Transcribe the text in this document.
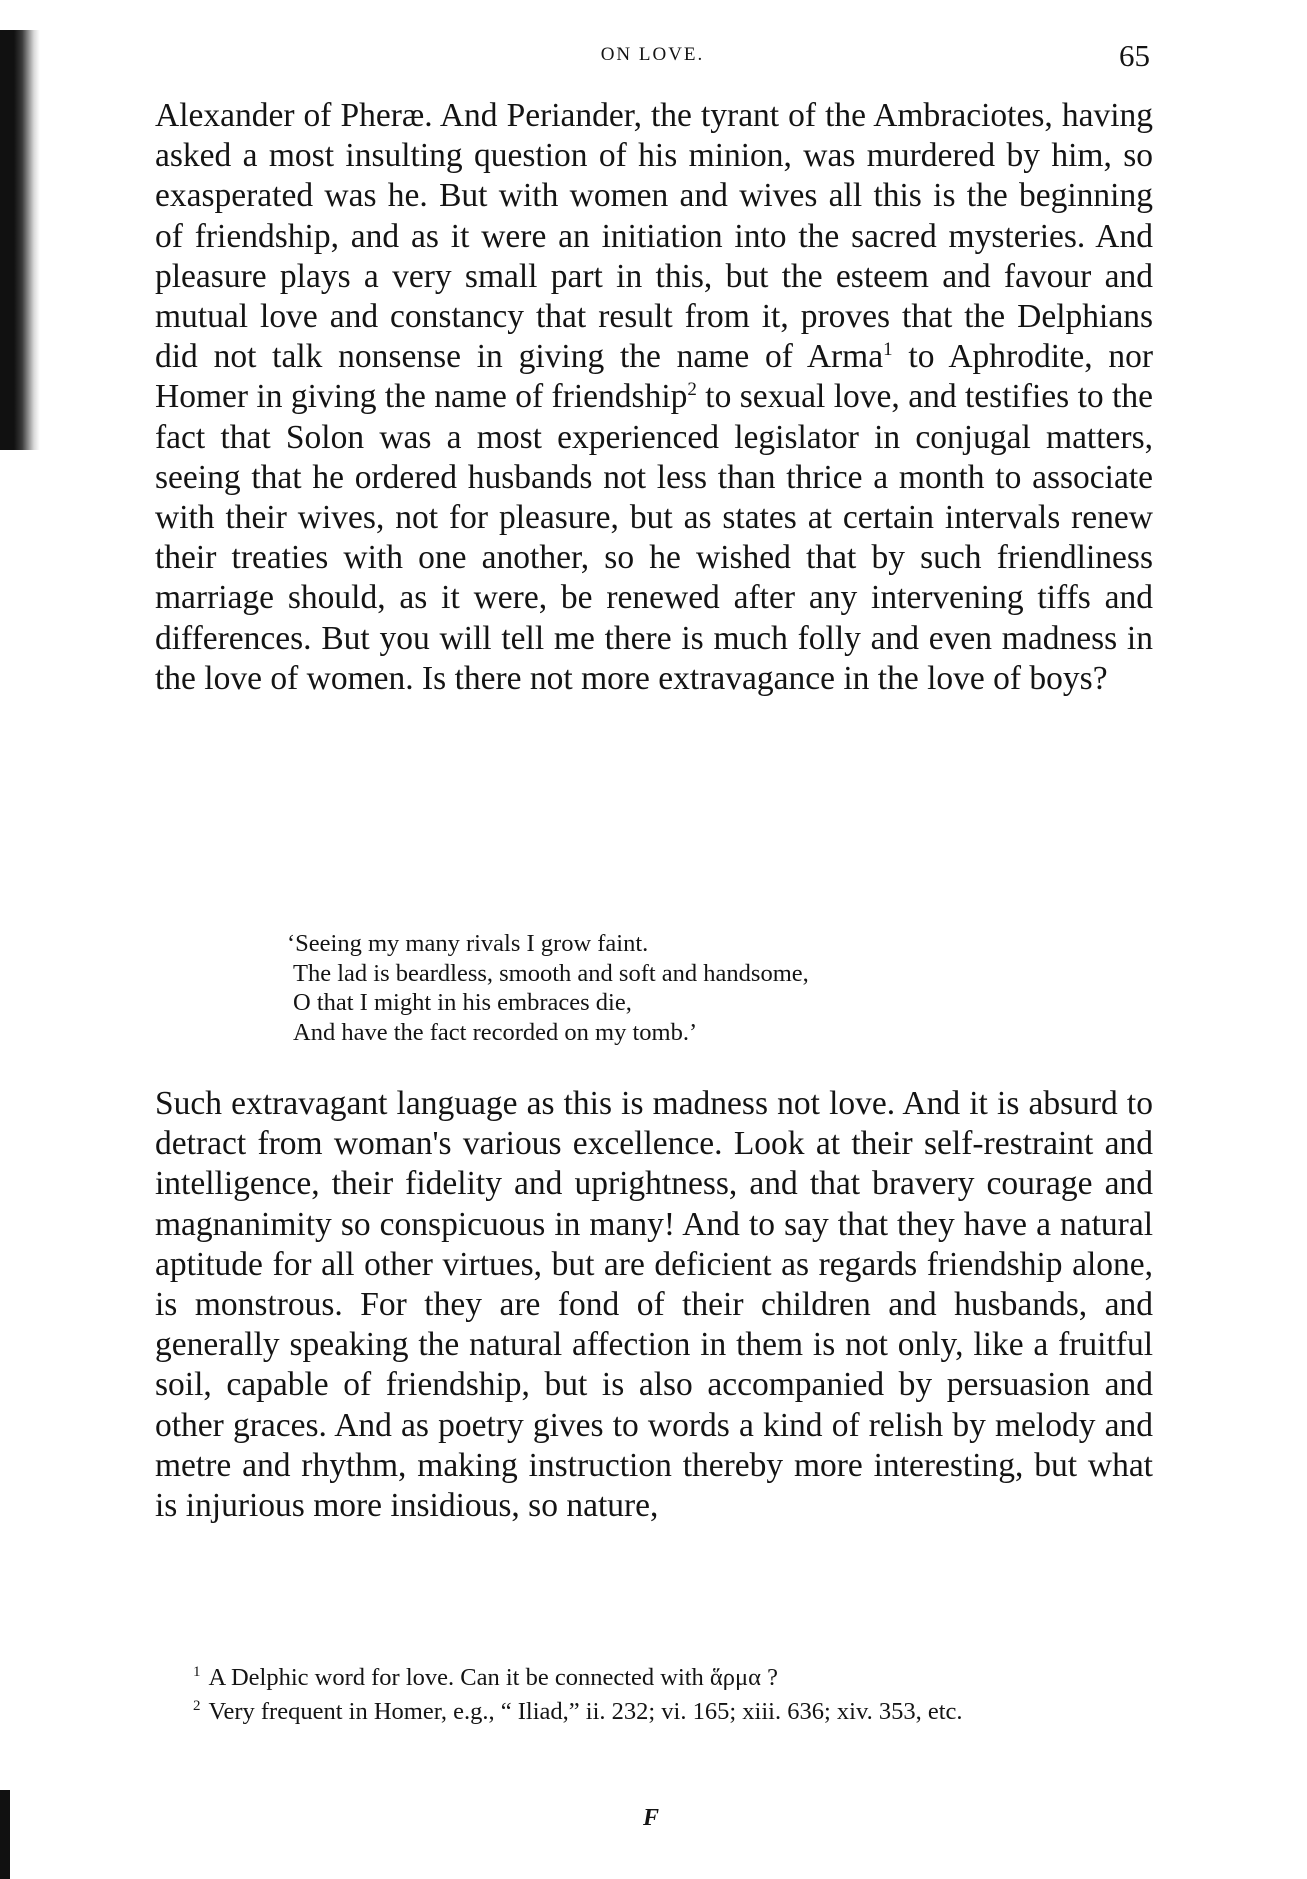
ON LOVE.	65

Alexander of Pheræ. And Periander, the tyrant of the Ambraciotes, having asked a most insulting question of his minion, was murdered by him, so exasperated was he. But with women and wives all this is the beginning of friendship, and as it were an initiation into the sacred mysteries. And pleasure plays a very small part in this, but the esteem and favour and mutual love and constancy that result from it, proves that the Delphians did not talk nonsense in giving the name of Arma$^1$ to Aphrodite, nor Homer in giving the name of friendship$^2$ to sexual love, and testifies to the fact that Solon was a most experienced legislator in conjugal matters, seeing that he ordered husbands not less than thrice a month to associate with their wives, not for pleasure, but as states at certain intervals renew their treaties with one another, so he wished that by such friendliness marriage should, as it were, be renewed after any intervening tiffs and differences. But you will tell me there is much folly and even madness in the love of women. Is there not more extravagance in the love of boys?

‘Seeing my many rivals I grow faint.
The lad is beardless, smooth and soft and handsome,
O that I might in his embraces die,
And have the fact recorded on my tomb.’

Such extravagant language as this is madness not love. And it is absurd to detract from woman's various excellence. Look at their self-restraint and intelligence, their fidelity and uprightness, and that bravery courage and magnanimity so conspicuous in many! And to say that they have a natural aptitude for all other virtues, but are deficient as regards friendship alone, is monstrous. For they are fond of their children and husbands, and generally speaking the natural affection in them is not only, like a fruitful soil, capable of friendship, but is also accompanied by persuasion and other graces. And as poetry gives to words a kind of relish by melody and metre and rhythm, making instruction thereby more interesting, but what is injurious more insidious, so nature,

$^1$ A Delphic word for love. Can it be connected with ἅρμα ?
$^2$ Very frequent in Homer, e.g., “ Iliad,” ii. 232; vi. 165; xiii. 636; xiv. 353, etc.
F
